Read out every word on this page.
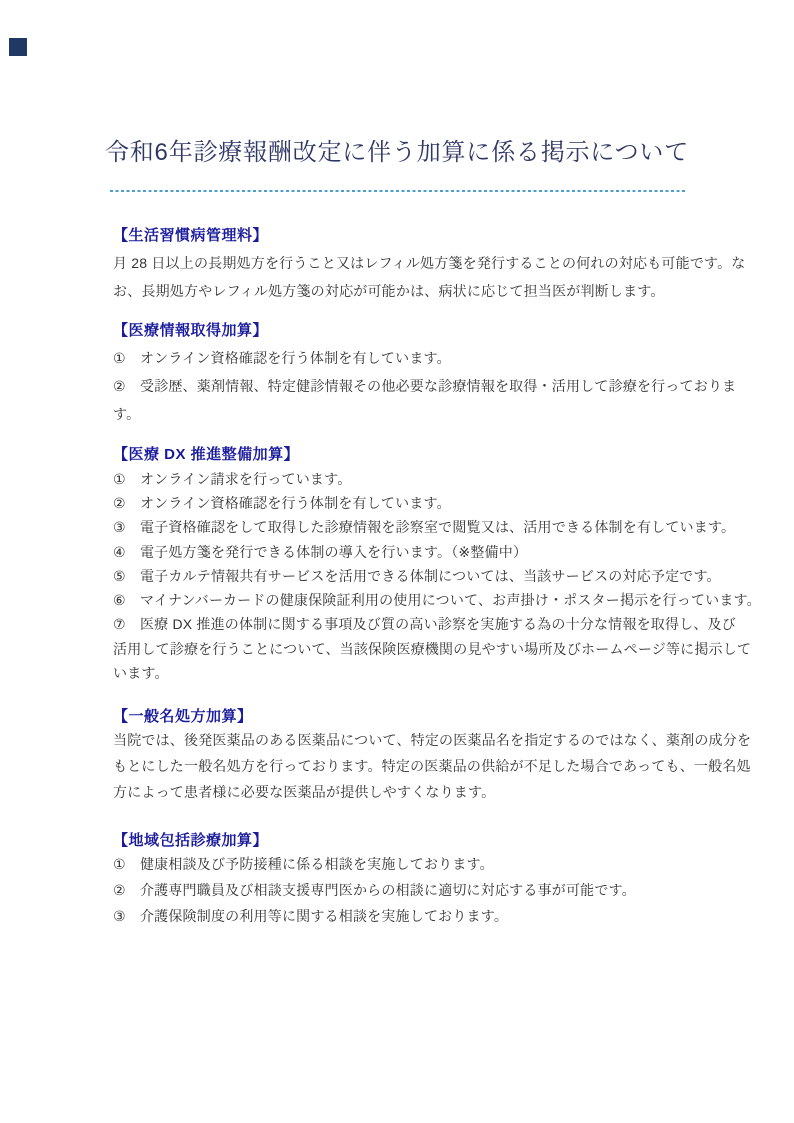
令和6年診療報酬改定に伴う加算に係る掲示について
【生活習慣病管理料】
月 28 日以上の長期処方を行うこと又はレフィル処方箋を発行することの何れの対応も可能です。な
お、長期処方やレフィル処方箋の対応が可能かは、病状に応じて担当医が判断します。
【医療情報取得加算】
①　オンライン資格確認を行う体制を有しています。
②　受診歴、薬剤情報、特定健診情報その他必要な診療情報を取得・活用して診療を行っておりま
す。
【医療 DX 推進整備加算】
①　オンライン請求を行っています。
②　オンライン資格確認を行う体制を有しています。
③　電子資格確認をして取得した診療情報を診察室で閲覧又は、活用できる体制を有しています。
④　電子処方箋を発行できる体制の導入を行います。（※整備中）
⑤　電子カルテ情報共有サービスを活用できる体制については、当該サービスの対応予定です。
⑥　マイナンバーカードの健康保険証利用の使用について、お声掛け・ポスター掲示を行っています。
⑦　医療 DX 推進の体制に関する事項及び質の高い診察を実施する為の十分な情報を取得し、及び
活用して診療を行うことについて、当該保険医療機関の見やすい場所及びホームページ等に掲示して
います。
【一般名処方加算】
当院では、後発医薬品のある医薬品について、特定の医薬品名を指定するのではなく、薬剤の成分を
もとにした一般名処方を行っております。特定の医薬品の供給が不足した場合であっても、一般名処
方によって患者様に必要な医薬品が提供しやすくなります。
【地域包括診療加算】
①　健康相談及び予防接種に係る相談を実施しております。
②　介護専門職員及び相談支援専門医からの相談に適切に対応する事が可能です。
③　介護保険制度の利用等に関する相談を実施しております。
